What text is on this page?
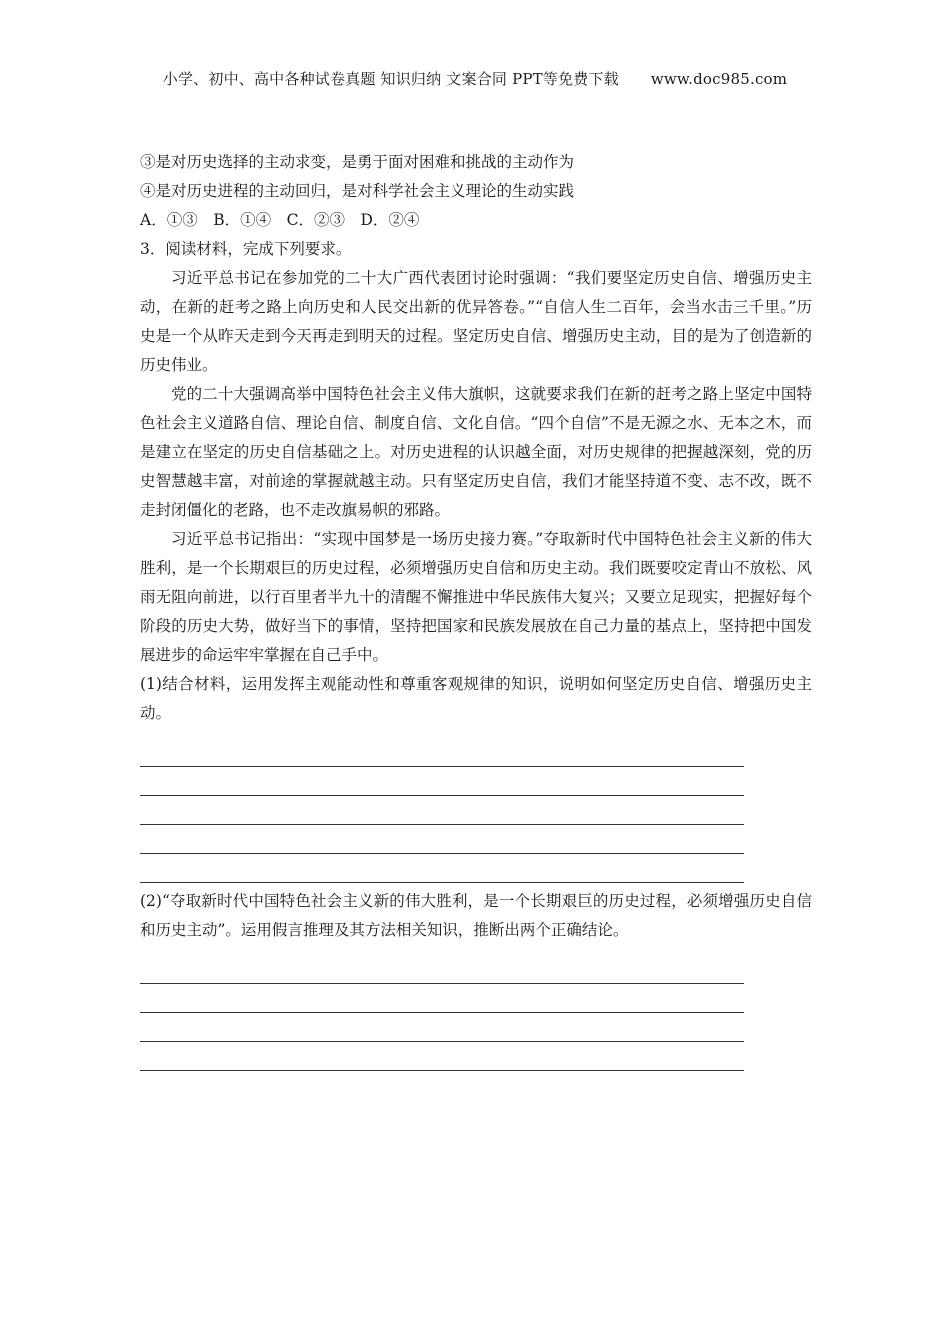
小学、初中、高中各种试卷真题 知识归纳 文案合同 PPT等免费下载 www.doc985.com
③是对历史选择的主动求变，是勇于面对困难和挑战的主动作为
④是对历史进程的主动回归，是对科学社会主义理论的生动实践
A．①③　B．①④　C．②③　D．②④
3．阅读材料，完成下列要求。
习近平总书记在参加党的二十大广西代表团讨论时强调：“我们要坚定历史自信、增强历史主动，在新的赶考之路上向历史和人民交出新的优异答卷。”“自信人生二百年，会当水击三千里。”历史是一个从昨天走到今天再走到明天的过程。坚定历史自信、增强历史主动，目的是为了创造新的历史伟业。
党的二十大强调高举中国特色社会主义伟大旗帜，这就要求我们在新的赶考之路上坚定中国特色社会主义道路自信、理论自信、制度自信、文化自信。“四个自信”不是无源之水、无本之木，而是建立在坚定的历史自信基础之上。对历史进程的认识越全面，对历史规律的把握越深刻，党的历史智慧越丰富，对前途的掌握就越主动。只有坚定历史自信，我们才能坚持道不变、志不改，既不走封闭僵化的老路，也不走改旗易帜的邪路。
习近平总书记指出：“实现中国梦是一场历史接力赛。”夺取新时代中国特色社会主义新的伟大胜利，是一个长期艰巨的历史过程，必须增强历史自信和历史主动。我们既要咬定青山不放松、风雨无阻向前进，以行百里者半九十的清醒不懈推进中华民族伟大复兴；又要立足现实，把握好每个阶段的历史大势，做好当下的事情，坚持把国家和民族发展放在自己力量的基点上，坚持把中国发展进步的命运牢牢掌握在自己手中。
(1)结合材料，运用发挥主观能动性和尊重客观规律的知识，说明如何坚定历史自信、增强历史主动。
(2)“夺取新时代中国特色社会主义新的伟大胜利，是一个长期艰巨的历史过程，必须增强历史自信和历史主动”。运用假言推理及其方法相关知识，推断出两个正确结论。
